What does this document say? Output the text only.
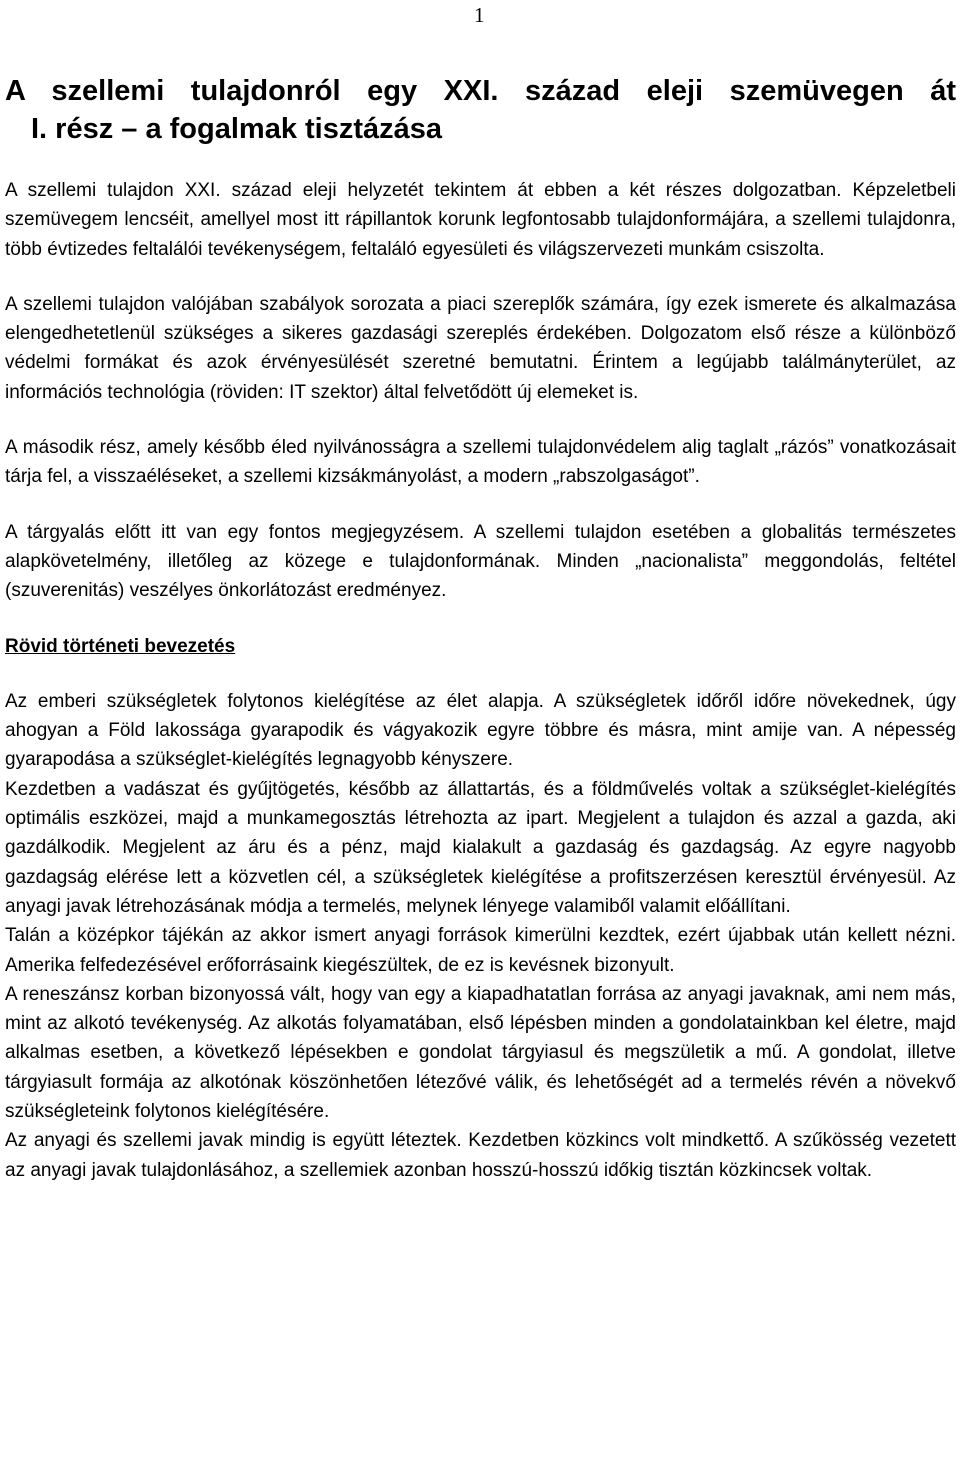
1
A szellemi tulajdonról egy XXI. század eleji szemüvegen át
I. rész – a fogalmak tisztázása

A szellemi tulajdon XXI. század eleji helyzetét tekintem át ebben a két részes dolgozatban. Képzeletbeli szemüvegem lencséit, amellyel most itt rápillantok korunk legfontosabb tulajdonformájára, a szellemi tulajdonra, több évtizedes feltalálói tevékenységem, feltaláló egyesületi és világszervezeti munkám csiszolta.

A szellemi tulajdon valójában szabályok sorozata a piaci szereplők számára, így ezek ismerete és alkalmazása elengedhetetlenül szükséges a sikeres gazdasági szereplés érdekében. Dolgozatom első része a különböző védelmi formákat és azok érvényesülését szeretné bemutatni. Érintem a legújabb találmányterület, az információs technológia (röviden: IT szektor) által felvetődött új elemeket is.

A második rész, amely később éled nyilvánosságra a szellemi tulajdonvédelem alig taglalt „rázós” vonatkozásait tárja fel, a visszaéléseket, a szellemi kizsákmányolást, a modern „rabszolgaságot”.

A tárgyalás előtt itt van egy fontos megjegyzésem. A szellemi tulajdon esetében a globalitás természetes alapkövetelmény, illetőleg az közege e tulajdonformának. Minden „nacionalista” meggondolás, feltétel (szuverenitás) veszélyes önkorlátozást eredményez.

Rövid történeti bevezetés

Az emberi szükségletek folytonos kielégítése az élet alapja. A szükségletek időről időre növekednek, úgy ahogyan a Föld lakossága gyarapodik és vágyakozik egyre többre és másra, mint amije van. A népesség gyarapodása a szükséglet-kielégítés legnagyobb kényszere.

Kezdetben a vadászat és gyűjtögetés, később az állattartás, és a földművelés voltak a szükséglet-kielégítés optimális eszközei, majd a munkamegosztás létrehozta az ipart. Megjelent a tulajdon és azzal a gazda, aki gazdálkodik. Megjelent az áru és a pénz, majd kialakult a gazdaság és gazdagság. Az egyre nagyobb gazdagság elérése lett a közvetlen cél, a szükségletek kielégítése a profitszerzésen keresztül érvényesül. Az anyagi javak létrehozásának módja a termelés, melynek lényege valamiből valamit előállítani.

Talán a középkor tájékán az akkor ismert anyagi források kimerülni kezdtek, ezért újabbak után kellett nézni. Amerika felfedezésével erőforrásaink kiegészültek, de ez is kevésnek bizonyult.

A reneszánsz korban bizonyossá vált, hogy van egy a kiapadhatatlan forrása az anyagi javaknak, ami nem más, mint az alkotó tevékenység. Az alkotás folyamatában, első lépésben minden a gondolatainkban kel életre, majd alkalmas esetben, a következő lépésekben e gondolat tárgyiasul és megszületik a mű. A gondolat, illetve tárgyiasult formája az alkotónak köszönhetően létezővé válik, és lehetőségét ad a termelés révén a növekvő szükségleteink folytonos kielégítésére.

Az anyagi és szellemi javak mindig is együtt léteztek. Kezdetben közkincs volt mindkettő. A szűkösség vezetett az anyagi javak tulajdonlásához, a szellemiek azonban hosszú-hosszú időkig tisztán közkincsek voltak.
